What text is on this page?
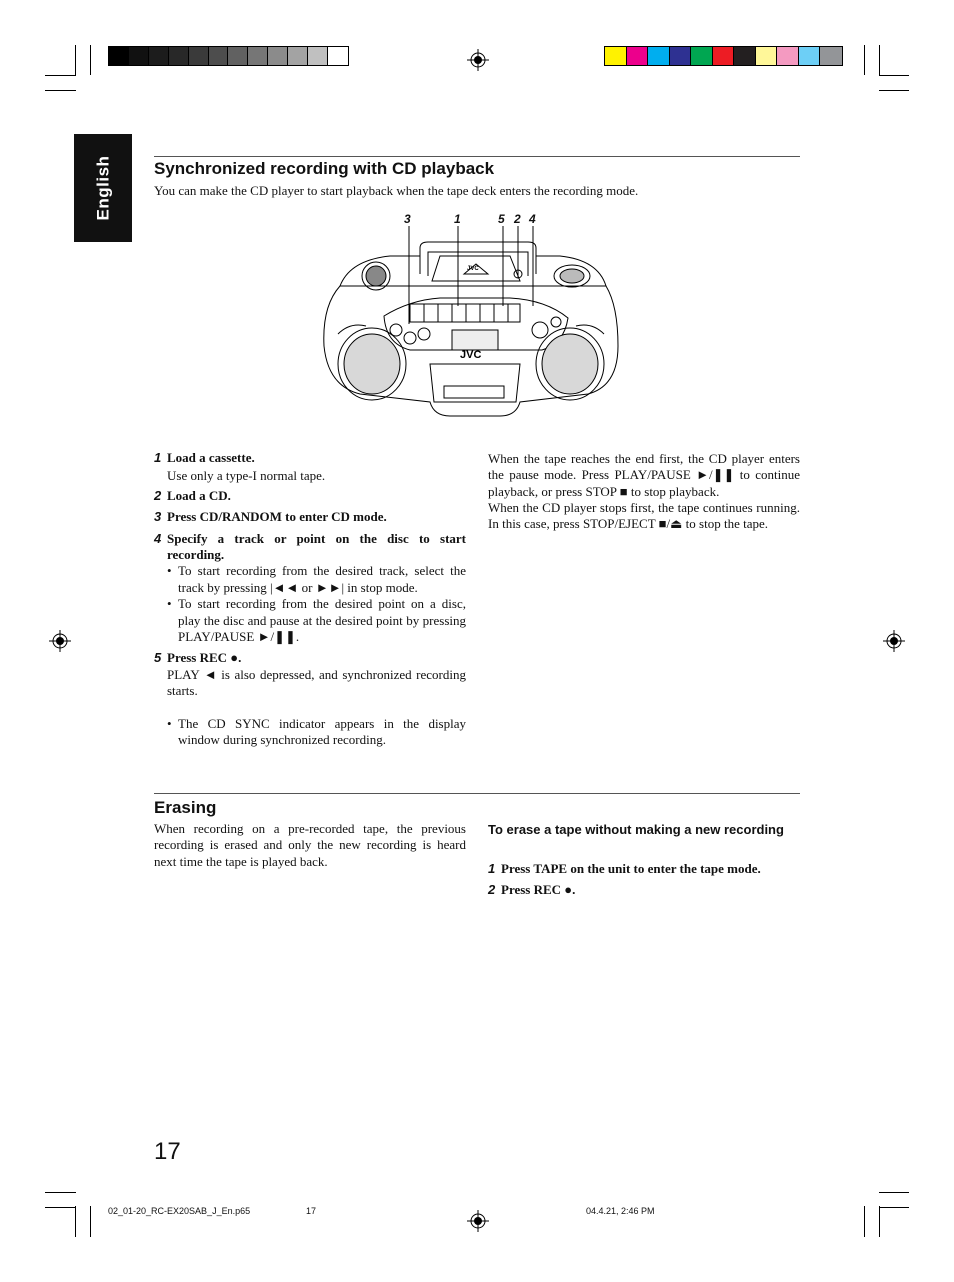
English Synchronized recording with CD playback
You can make the CD player to start playback when the tape deck enters the recording mode.
3	1	5 2 4
JVC
JVC
1 Load a cassette.
Use only a type-I normal tape.
2 Load a CD.
3 Press CD/RANDOM to enter CD mode.
4 Specify a track or point on the disc to start recording.
• To start recording from the desired track, select the track by pressing |◄◄ or ►►| in stop mode.
• To start recording from the desired point on a disc, play the disc and pause at the desired point by pressing PLAY/PAUSE ►/❚❚.
5 Press REC ●.
PLAY ◄ is also depressed, and synchronized recording starts.
• The CD SYNC indicator appears in the display window during synchronized recording.
When the tape reaches the end first, the CD player enters the pause mode. Press PLAY/PAUSE ►/❚❚ to continue playback, or press STOP ■ to stop playback.
When the CD player stops first, the tape continues running. In this case, press STOP/EJECT ■/⏏ to stop the tape.
Erasing
When recording on a pre-recorded tape, the previous recording is erased and only the new recording is heard next time the tape is played back.
To erase a tape without making a new recording
1 Press TAPE on the unit to enter the tape mode.
2 Press REC ●.
17
02_01-20_RC-EX20SAB_J_En.p65	17	04.4.21, 2:46 PM
